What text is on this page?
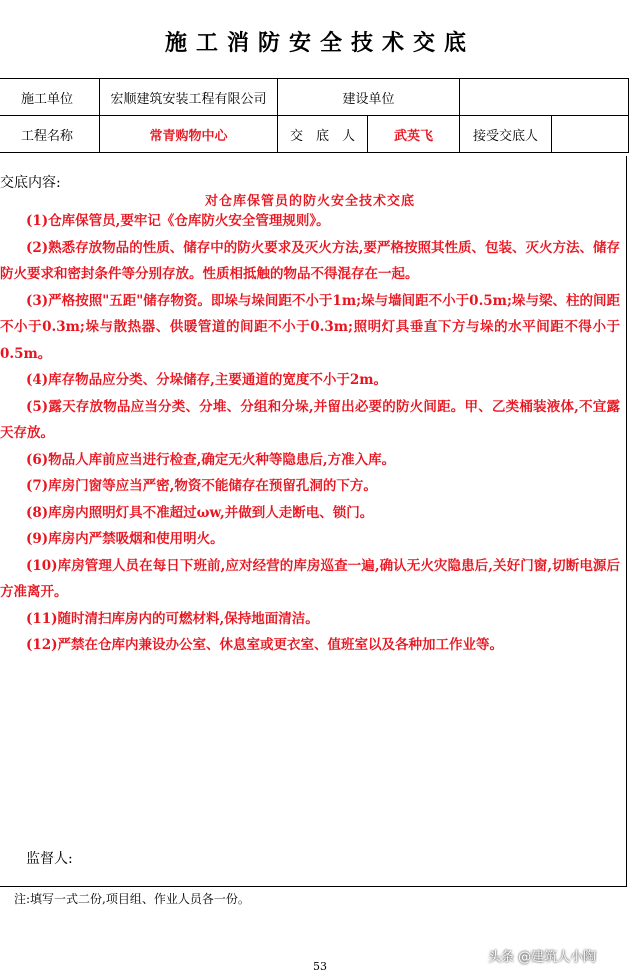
施工消防安全技术交底
施工单位	宏顺建筑安装工程有限公司	建设单位			
工程名称	常青购物中心	交　底　人	武英飞	接受交底人	
交底内容:
对仓库保管员的防火安全技术交底

(1)仓库保管员,要牢记《仓库防火安全管理规则》。

(2)熟悉存放物品的性质、储存中的防火要求及灭火方法,要严格按照其性质、包装、灭火方法、储存防火要求和密封条件等分别存放。性质相抵触的物品不得混存在一起。

(3)严格按照"五距"储存物资。即垛与垛间距不小于1m;垛与墙间距不小于0.5m;垛与梁、柱的间距不小于0.3m;垛与散热器、供暖管道的间距不小于0.3m;照明灯具垂直下方与垛的水平间距不得小于0.5m。

(4)库存物品应分类、分垛储存,主要通道的宽度不小于2m。

(5)露天存放物品应当分类、分堆、分组和分垛,并留出必要的防火间距。甲、乙类桶装液体,不宜露天存放。

(6)物品人库前应当进行检查,确定无火种等隐患后,方准入库。

(7)库房门窗等应当严密,物资不能储存在预留孔洞的下方。

(8)库房内照明灯具不准超过ωw,并做到人走断电、锁门。

(9)库房内严禁吸烟和使用明火。

(10)库房管理人员在每日下班前,应对经营的库房巡查一遍,确认无火灾隐患后,关好门窗,切断电源后方准离开。

(11)随时清扫库房内的可燃材料,保持地面清洁。

(12)严禁在仓库内兼设办公室、休息室或更衣室、值班室以及各种加工作业等。

监督人:
注:填写一式二份,项目组、作业人员各一份。
53
头条 @建筑人小陶
